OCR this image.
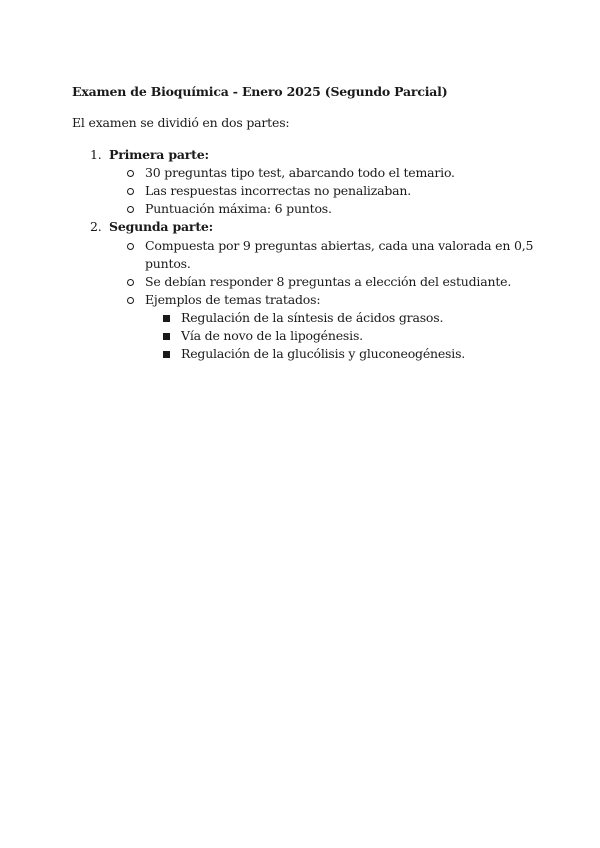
Examen de Bioquímica - Enero 2025 (Segundo Parcial)
El examen se dividió en dos partes:
1. Primera parte:
30 preguntas tipo test, abarcando todo el temario.
Las respuestas incorrectas no penalizaban.
Puntuación máxima: 6 puntos.
2. Segunda parte:
Compuesta por 9 preguntas abiertas, cada una valorada en 0,5
puntos.
Se debían responder 8 preguntas a elección del estudiante.
Ejemplos de temas tratados:
Regulación de la síntesis de ácidos grasos.
Vía de novo de la lipogénesis.
Regulación de la glucólisis y gluconeogénesis.
